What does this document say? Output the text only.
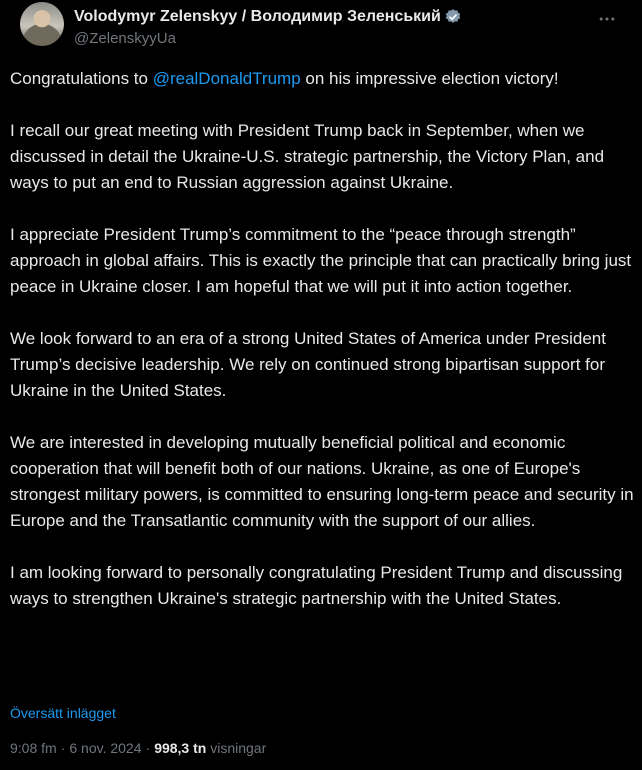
Volodymyr Zelenskyy / Володимир Зеленський
@ZelenskyyUa

Congratulations to @realDonaldTrump on his impressive election victory!

I recall our great meeting with President Trump back in September, when we discussed in detail the Ukraine-U.S. strategic partnership, the Victory Plan, and ways to put an end to Russian aggression against Ukraine.

I appreciate President Trump’s commitment to the “peace through strength” approach in global affairs. This is exactly the principle that can practically bring just peace in Ukraine closer. I am hopeful that we will put it into action together.

We look forward to an era of a strong United States of America under President Trump’s decisive leadership. We rely on continued strong bipartisan support for Ukraine in the United States.

We are interested in developing mutually beneficial political and economic cooperation that will benefit both of our nations. Ukraine, as one of Europe's strongest military powers, is committed to ensuring long-term peace and security in Europe and the Transatlantic community with the support of our allies.

I am looking forward to personally congratulating President Trump and discussing ways to strengthen Ukraine's strategic partnership with the United States.

Översätt inlägget
9:08 fm · 6 nov. 2024 · 998,3 tn visningar
